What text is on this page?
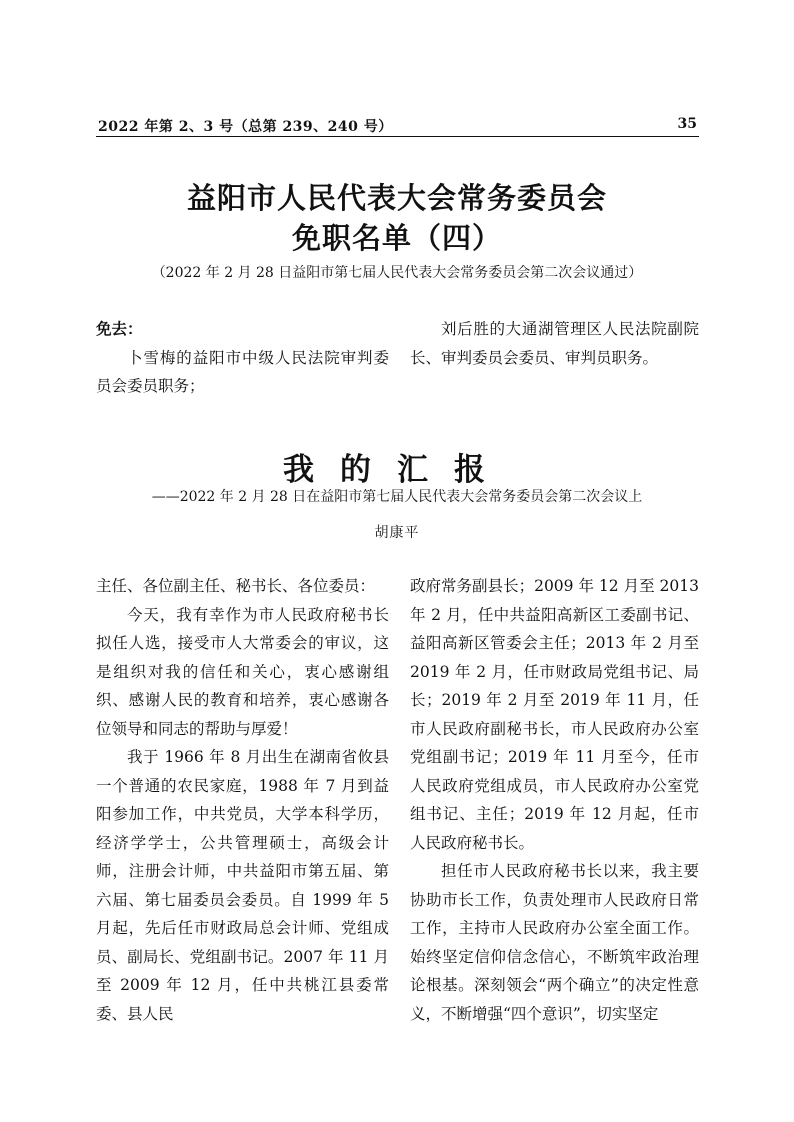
2022 年第 2、3 号（总第 239、240 号）	35
益阳市人民代表大会常务委员会
免职名单（四）
（2022 年 2 月 28 日益阳市第七届人民代表大会常务委员会第二次会议通过）

免去：

卜雪梅的益阳市中级人民法院审判委员会委员职务；

刘后胜的大通湖管理区人民法院副院长、审判委员会委员、审判员职务。

我的汇报
——2022 年 2 月 28 日在益阳市第七届人民代表大会常务委员会第二次会议上
胡康平

主任、各位副主任、秘书长、各位委员：

今天，我有幸作为市人民政府秘书长拟任人选，接受市人大常委会的审议，这是组织对我的信任和关心，衷心感谢组织、感谢人民的教育和培养，衷心感谢各位领导和同志的帮助与厚爱！

我于 1966 年 8 月出生在湖南省攸县一个普通的农民家庭，1988 年 7 月到益阳参加工作，中共党员，大学本科学历，经济学学士，公共管理硕士，高级会计师，注册会计师，中共益阳市第五届、第六届、第七届委员会委员。自 1999 年 5 月起，先后任市财政局总会计师、党组成员、副局长、党组副书记。2007 年 11 月至 2009 年 12 月，任中共桃江县委常委、县人民

政府常务副县长；2009 年 12 月至 2013 年 2 月，任中共益阳高新区工委副书记、益阳高新区管委会主任；2013 年 2 月至 2019 年 2 月，任市财政局党组书记、局长；2019 年 2 月至 2019 年 11 月，任市人民政府副秘书长，市人民政府办公室党组副书记；2019 年 11 月至今，任市人民政府党组成员，市人民政府办公室党组书记、主任；2019 年 12 月起，任市人民政府秘书长。

担任市人民政府秘书长以来，我主要协助市长工作，负责处理市人民政府日常工作，主持市人民政府办公室全面工作。始终坚定信仰信念信心，不断筑牢政治理论根基。深刻领会“两个确立”的决定性意义，不断增强“四个意识”，切实坚定
